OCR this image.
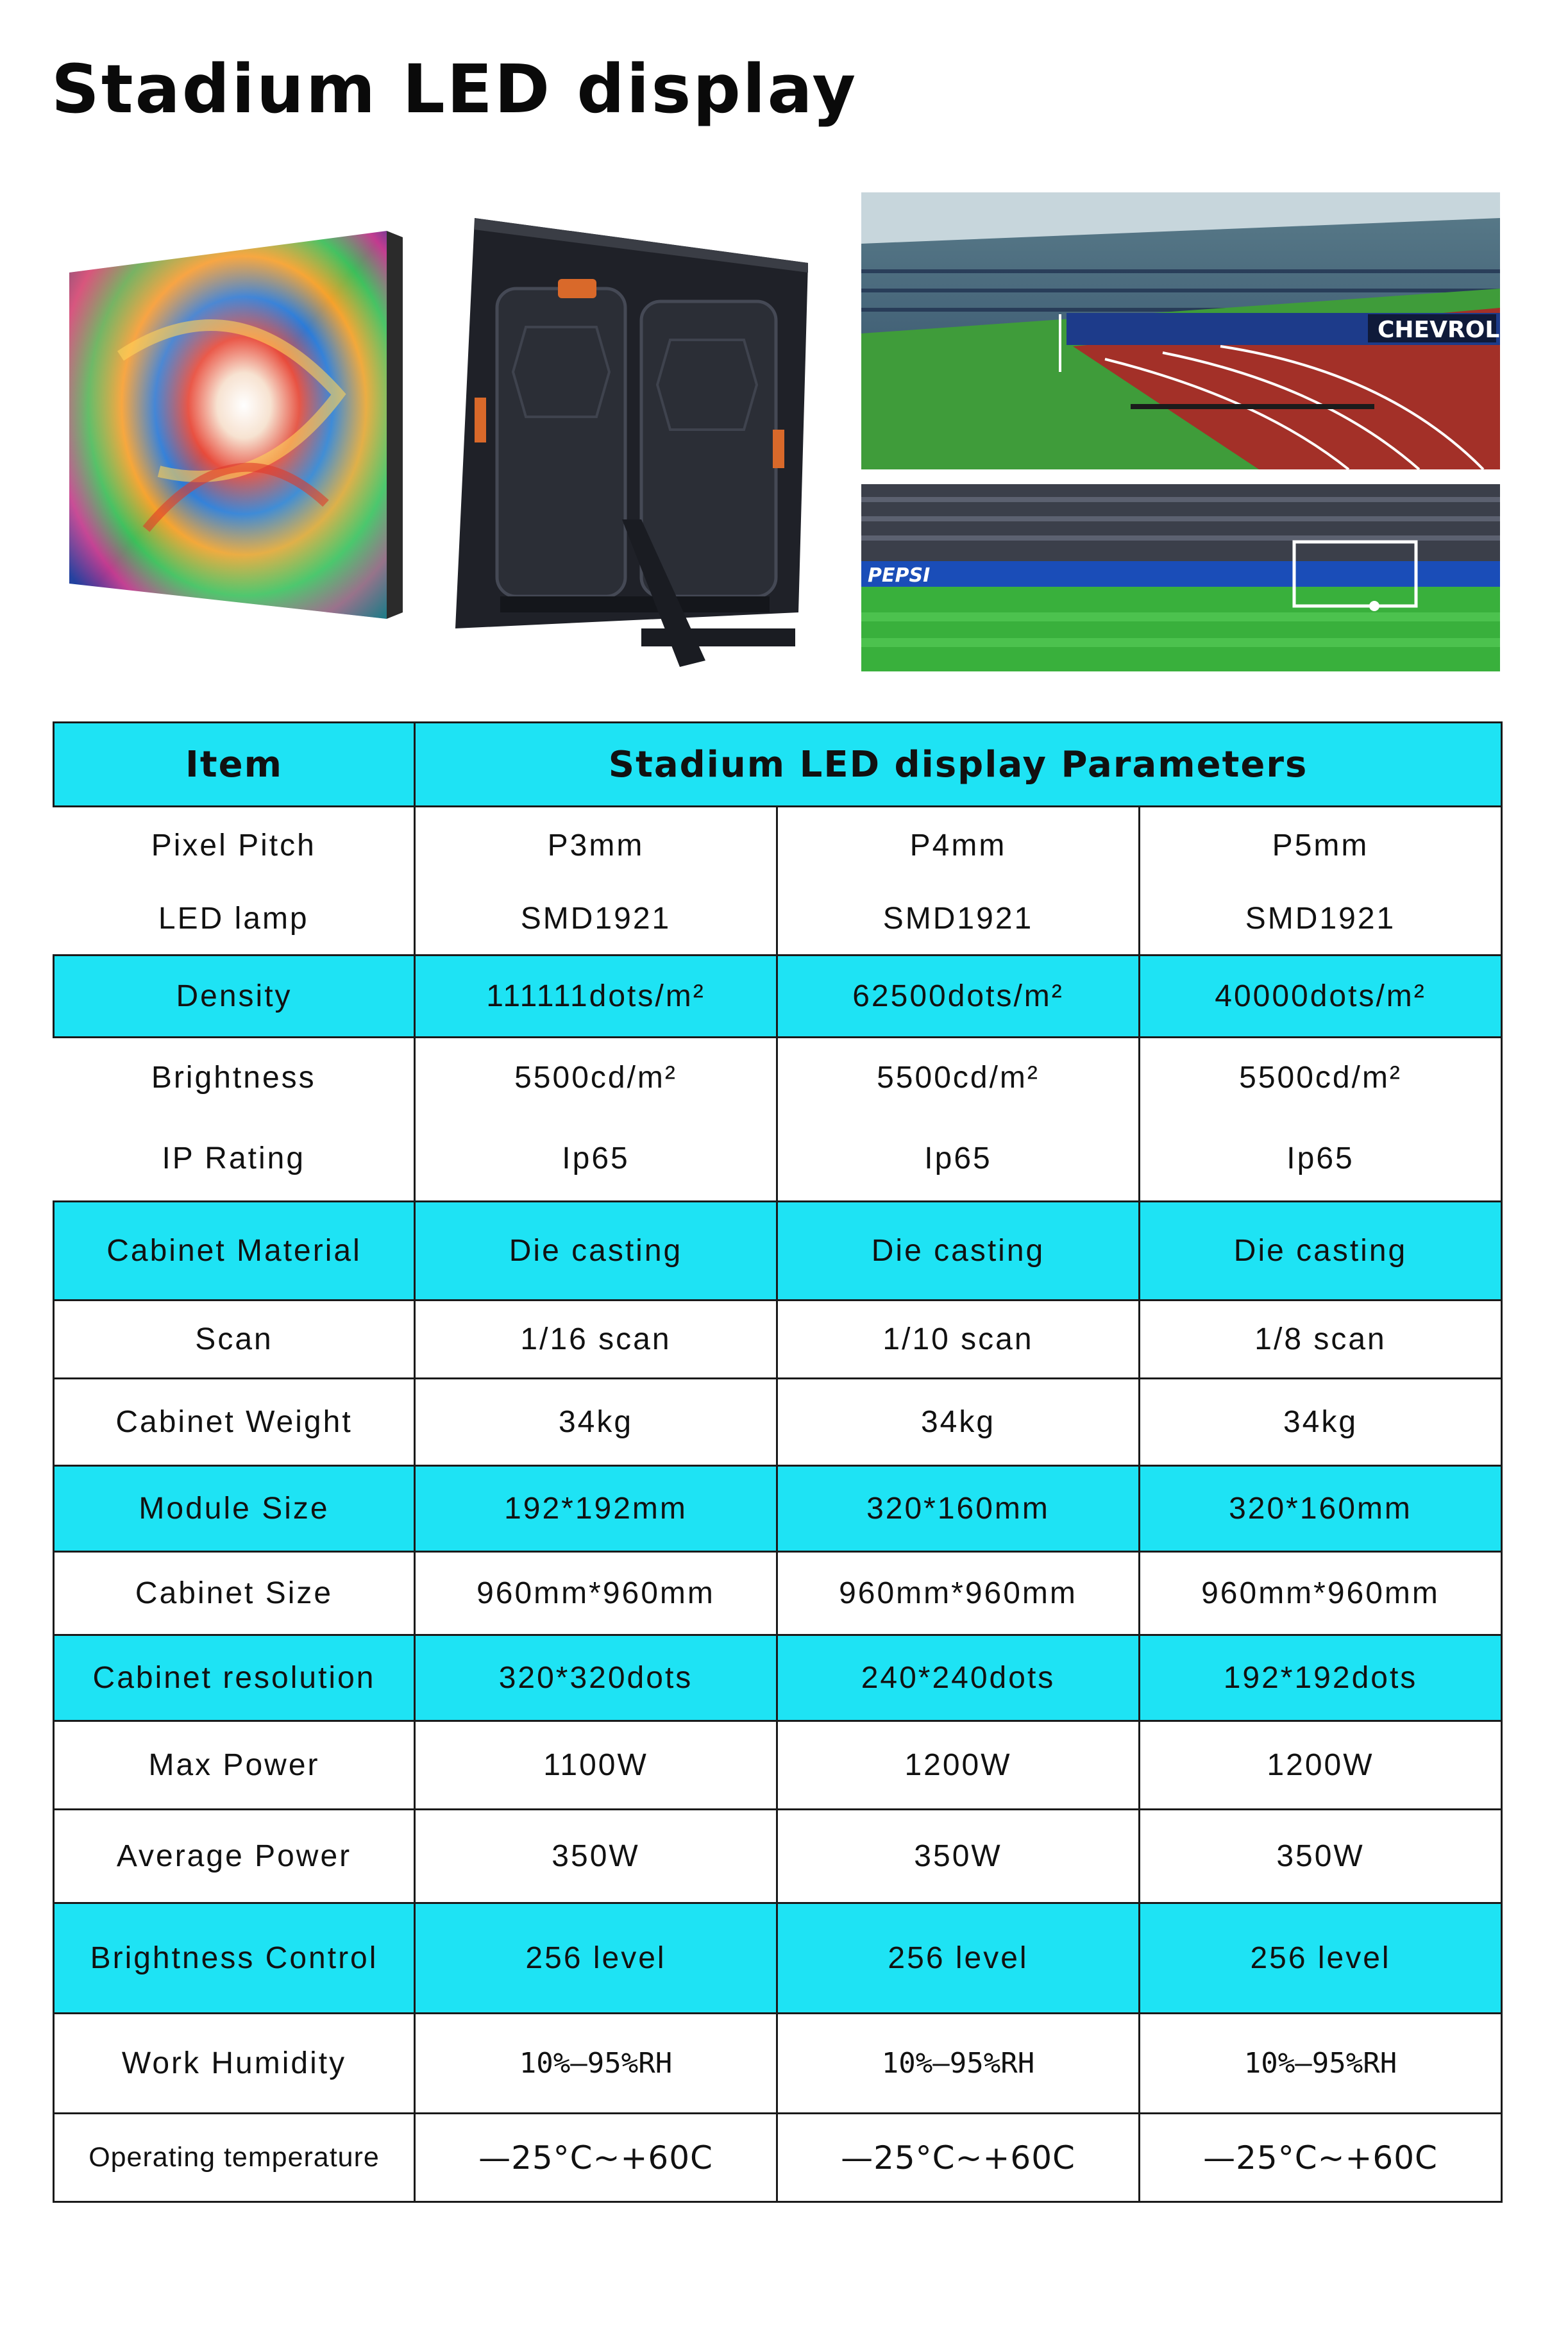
Stadium LED display
CHEVROLET
PEPSI
Item	Stadium LED display Parameters		
Pixel Pitch	P3mm	P4mm	P5mm
LED lamp	SMD1921	SMD1921	SMD1921
Density	111111dots/m²	62500dots/m²	40000dots/m²
Brightness	5500cd/m²	5500cd/m²	5500cd/m²
IP Rating	Ip65	Ip65	Ip65
Cabinet Material	Die casting	Die casting	Die casting
Scan	1/16 scan	1/10 scan	1/8 scan
Cabinet Weight	34kg	34kg	34kg
Module Size	192*192mm	320*160mm	320*160mm
Cabinet Size	960mm*960mm	960mm*960mm	960mm*960mm
Cabinet resolution	320*320dots	240*240dots	192*192dots
Max Power	1100W	1200W	1200W
Average Power	350W	350W	350W
Brightness Control	256 level	256 level	256 level
Work Humidity	10%—95%RH	10%—95%RH	10%—95%RH
Operating temperature	—25°C~+60C	—25°C~+60C	—25°C~+60C
